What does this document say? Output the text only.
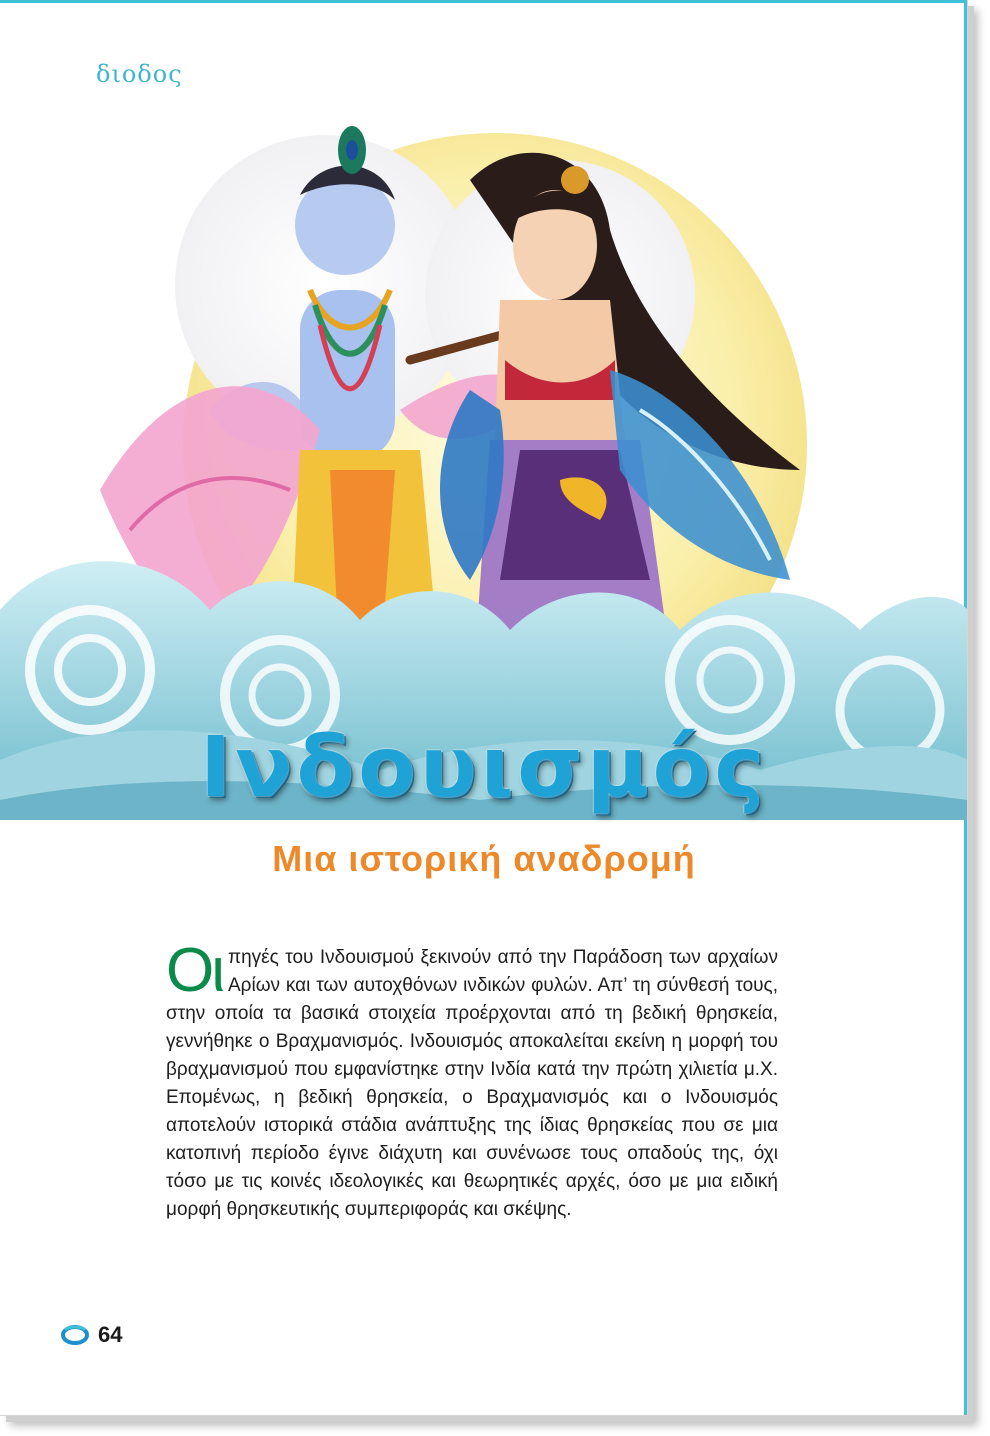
διοδος
Ινδουισμός
Μια ιστορική αναδρομή
Οι πηγές του Ινδουισμού ξεκινούν από την Παράδοση των αρχαίων Αρίων και των αυτοχθόνων ινδικών φυλών. Απ’ τη σύνθεσή τους, στην οποία τα βασικά στοιχεία προέρχονται από τη βεδική θρησκεία, γεννήθηκε ο Βραχμανισμός. Ινδουισμός αποκαλείται εκείνη η μορφή του βραχμανισμού που εμφανίστηκε στην Ινδία κατά την πρώτη χιλιετία μ.Χ. Επομένως, η βεδική θρησκεία, ο Βραχμανισμός και ο Ινδουισμός αποτελούν ιστορικά στάδια ανάπτυξης της ίδιας θρησκείας που σε μια κατοπινή περίοδο έγινε διάχυτη και συνένωσε τους οπαδούς της, όχι τόσο με τις κοινές ιδεολογικές και θεωρητικές αρχές, όσο με μια ειδική μορφή θρησκευτικής συμπεριφοράς και σκέψης.
64
